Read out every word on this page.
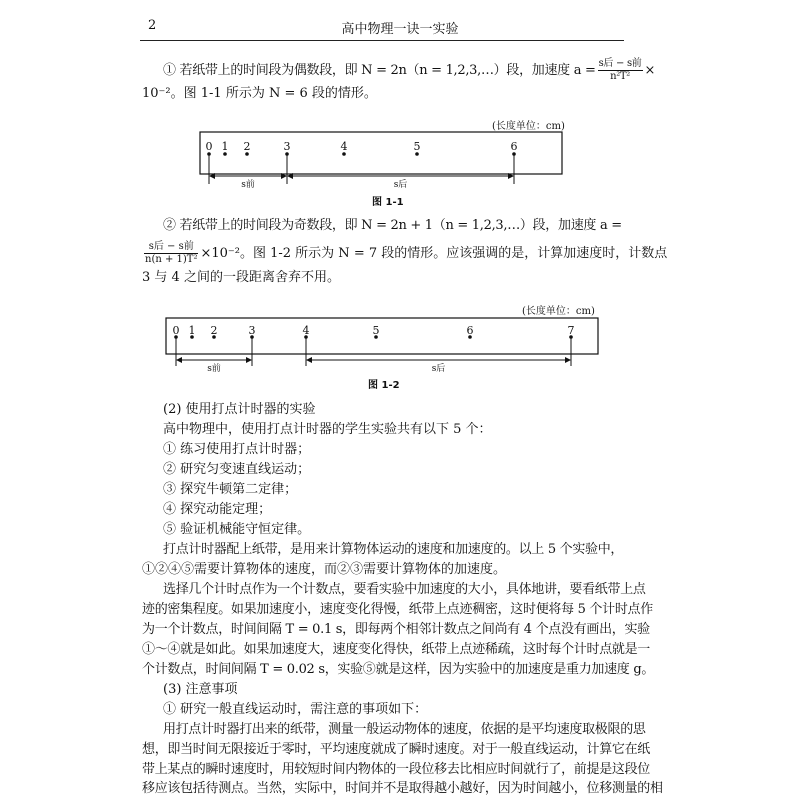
2	高中物理一诀一实验
① 若纸带上的时间段为偶数段，即 N = 2n（n = 1,2,3,…）段，加速度 $a = \frac{\text{s后 − s前}}{\text{n²T²}}$ ×
10⁻²。图 1-1 所示为 N = 6 段的情形。
(长度单位：cm)
0 1 2	3	4	5	6
s前	s后
图 1-1
② 若纸带上的时间段为奇数段，即 N = 2n + 1（n = 1,2,3,…）段，加速度 a =
$\frac{\text{s后 − s前}}{\text{n(n + 1)T²}} \times 10^{-2}$。图 1-2 所示为 N = 7 段的情形。应该强调的是，计算加速度时，计数点
3 与 4 之间的一段距离舍弃不用。
(长度单位：cm)
0 1 2	3	4	5	6	7
s前	s后
图 1-2
(2) 使用打点计时器的实验
高中物理中，使用打点计时器的学生实验共有以下 5 个：
① 练习使用打点计时器；
② 研究匀变速直线运动；
③ 探究牛顿第二定律；
④ 探究动能定理；
⑤ 验证机械能守恒定律。
打点计时器配上纸带，是用来计算物体运动的速度和加速度的。以上 5 个实验中，
①②④⑤需要计算物体的速度，而②③需要计算物体的加速度。
选择几个计时点作为一个计数点，要看实验中加速度的大小，具体地讲，要看纸带上点
迹的密集程度。如果加速度小，速度变化得慢，纸带上点迹稠密，这时便将每 5 个计时点作
为一个计数点，时间间隔 T = 0.1 s，即每两个相邻计数点之间尚有 4 个点没有画出，实验
①～④就是如此。如果加速度大，速度变化得快，纸带上点迹稀疏，这时每个计时点就是一
个计数点，时间间隔 T = 0.02 s，实验⑤就是这样，因为实验中的加速度是重力加速度 g。
(3) 注意事项
① 研究一般直线运动时，需注意的事项如下：
用打点计时器打出来的纸带，测量一般运动物体的速度，依据的是平均速度取极限的思
想，即当时间无限接近于零时，平均速度就成了瞬时速度。对于一般直线运动，计算它在纸
带上某点的瞬时速度时，用较短时间内物体的一段位移去比相应时间就行了，前提是这段位
移应该包括待测点。当然，实际中，时间并不是取得越小越好，因为时间越小，位移测量的相
